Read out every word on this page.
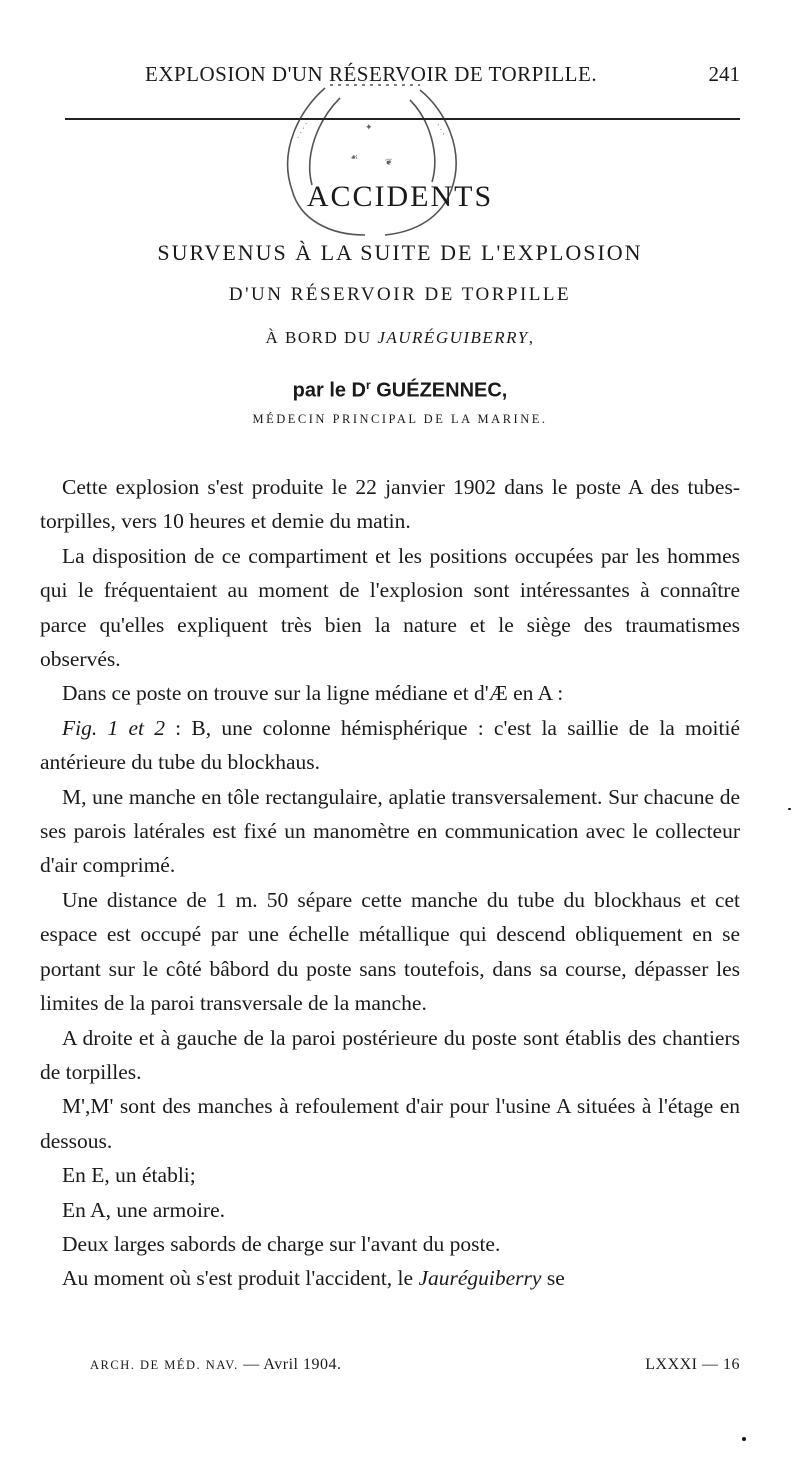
EXPLOSION D'UN RÉSERVOIR DE TORPILLE.	241
· · · ·	· · ·
✦
☙	❦
ACCIDENTS
SURVENUS À LA SUITE DE L'EXPLOSION
D'UN RÉSERVOIR DE TORPILLE
À BORD DU JAURÉGUIBERRY,
par le $D^r$ GUÉZENNEC,
MÉDECIN PRINCIPAL DE LA MARINE.

Cette explosion s'est produite le 22 janvier 1902 dans le poste A des tubes-torpilles, vers 10 heures et demie du matin.

La disposition de ce compartiment et les positions occupées par les hommes qui le fréquentaient au moment de l'explosion sont intéressantes à connaître parce qu'elles expliquent très bien la nature et le siège des traumatismes observés.

Dans ce poste on trouve sur la ligne médiane et d'Æ en A :

Fig. 1 et 2 : B, une colonne hémisphérique : c'est la saillie de la moitié antérieure du tube du blockhaus.

M, une manche en tôle rectangulaire, aplatie transversalement. Sur chacune de ses parois latérales est fixé un manomètre en communication avec le collecteur d'air comprimé.

Une distance de 1 m. 50 sépare cette manche du tube du blockhaus et cet espace est occupé par une échelle métallique qui descend obliquement en se portant sur le côté bâbord du poste sans toutefois, dans sa course, dépasser les limites de la paroi transversale de la manche.

A droite et à gauche de la paroi postérieure du poste sont établis des chantiers de torpilles.

M',M' sont des manches à refoulement d'air pour l'usine A situées à l'étage en dessous.

En E, un établi;

En A, une armoire.

Deux larges sabords de charge sur l'avant du poste.

Au moment où s'est produit l'accident, le Jauréguiberry se

ARCH. DE MÉD. NAV. — Avril 1904.	LXXXI — 16
